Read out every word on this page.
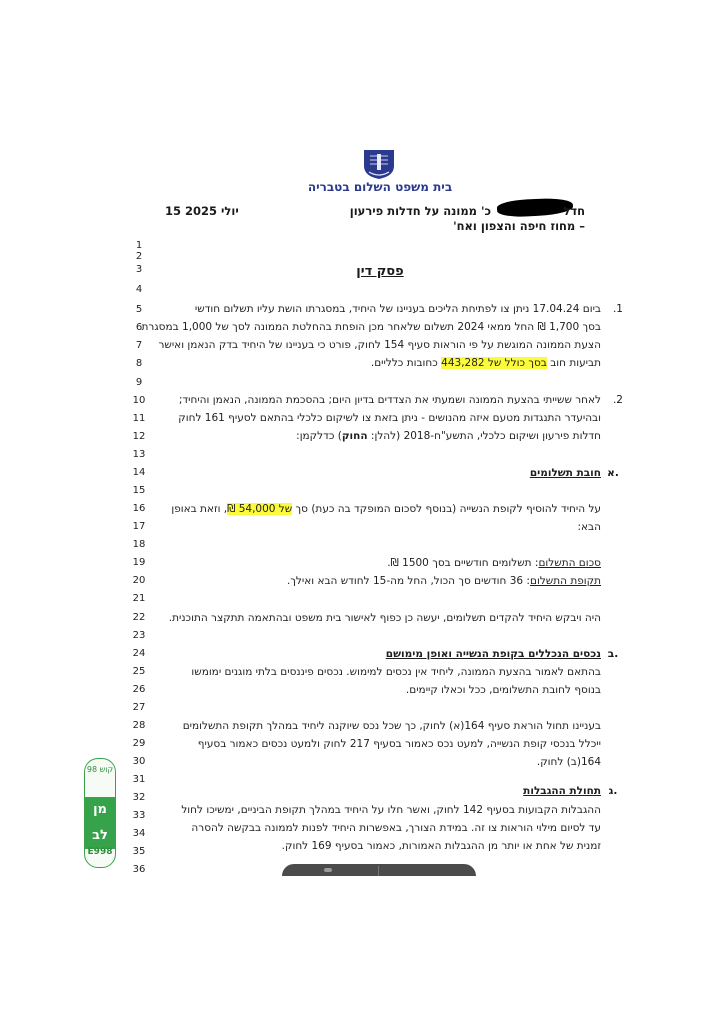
בית משפט השלום בטבריה
חדל
כ' ממונה על חדלות פירעון
15 יולי 2025
– מחוז חיפה והצפון ואח'
1
2
3
4
5
6
7
8
9
10
11
12
13
14
15
16
17
18
19
20
21
22
23
24
25
26
27
28
29
30
31
32
33
34
35
36
פסק דין
.1
ביום 17.04.24 ניתן צו לפתיחת הליכים בעניינו של היחיד, במסגרתו הושת עליו תשלום חודשי
בסך 1,700 ₪ החל ממאי 2024 תשלום שלאחר מכן הופחת בהחלטת הממונה לסך של 1,000 במסגרת
הצעת הממונה המוגשת על פי הוראות סעיף 154 לחוק, פורט כי בעניינו של היחיד בדק הנאמן ואישר
תביעות חוב בסך כולל של 443,282 כחובות כלליים.
.2
לאחר ששייתי בהצעת הממונה ושמעתי את הצדדים בדיון היום; בהסכמת הממונה, הנאמן והיחיד;
ובהיעדר התנגדות מטעם איזה מהנושים - ניתן בזאת צו לשיקום כלכלי בהתאם לסעיף 161 לחוק
חדלות פירעון ושיקום כלכלי, התשע"ח-2018 (להלן: החוק) כדלקמן:
א.
חובת תשלומים
על היחיד להוסיף לקופת הנשייה (בנוסף לסכום המופקד בה כעת) סך של 54,000 ₪, וזאת באופן
הבא:
סכום התשלום: תשלומים חודשיים בסך 1500 ₪.
תקופת התשלום: 36 חודשים סך הכול, החל מה-15 לחודש הבא ואילך.
היה ויבקש היחיד להקדים תשלומים, יעשה כן כפוף לאישור בית משפט ובהתאמה תתקצר התוכנית.
ב.
נכסים הנכללים בקופת הנשייה ואופן מימושם
בהתאם לאמור בהצעת הממונה, ליחיד אין נכסים למימוש. נכסים פיננסים בלתי מוגנים ימומשו
בנוסף לחובת התשלומים, ככל וכאלו קיימים.
בעניינו תחול הוראת סעיף 164(א) לחוק, כך שכל נכס שיוקנה ליחיד במהלך תקופת התשלומים
ייכלל בנכסי קופת הנשייה, למעט נכס כאמור בסעיף 217 לחוק ולמעט נכסים כאמור בסעיף
164(ב) לחוק.
ג.
תחולת ההגבלות
ההגבלות הקבועות בסעיף 142 לחוק, ואשר חלו על היחיד במהלך תקופת הביניים, ימשיכו לחול
עד לסיום מילוי הוראות צו זה. במידת הצורך, באפשרות היחיד לפנות לממונה בבקשה להסרה
זמנית של אחת או יותר מן ההגבלות האמורות, כאמור בסעיף 169 לחוק.
קוש 98
מן לב
E998
